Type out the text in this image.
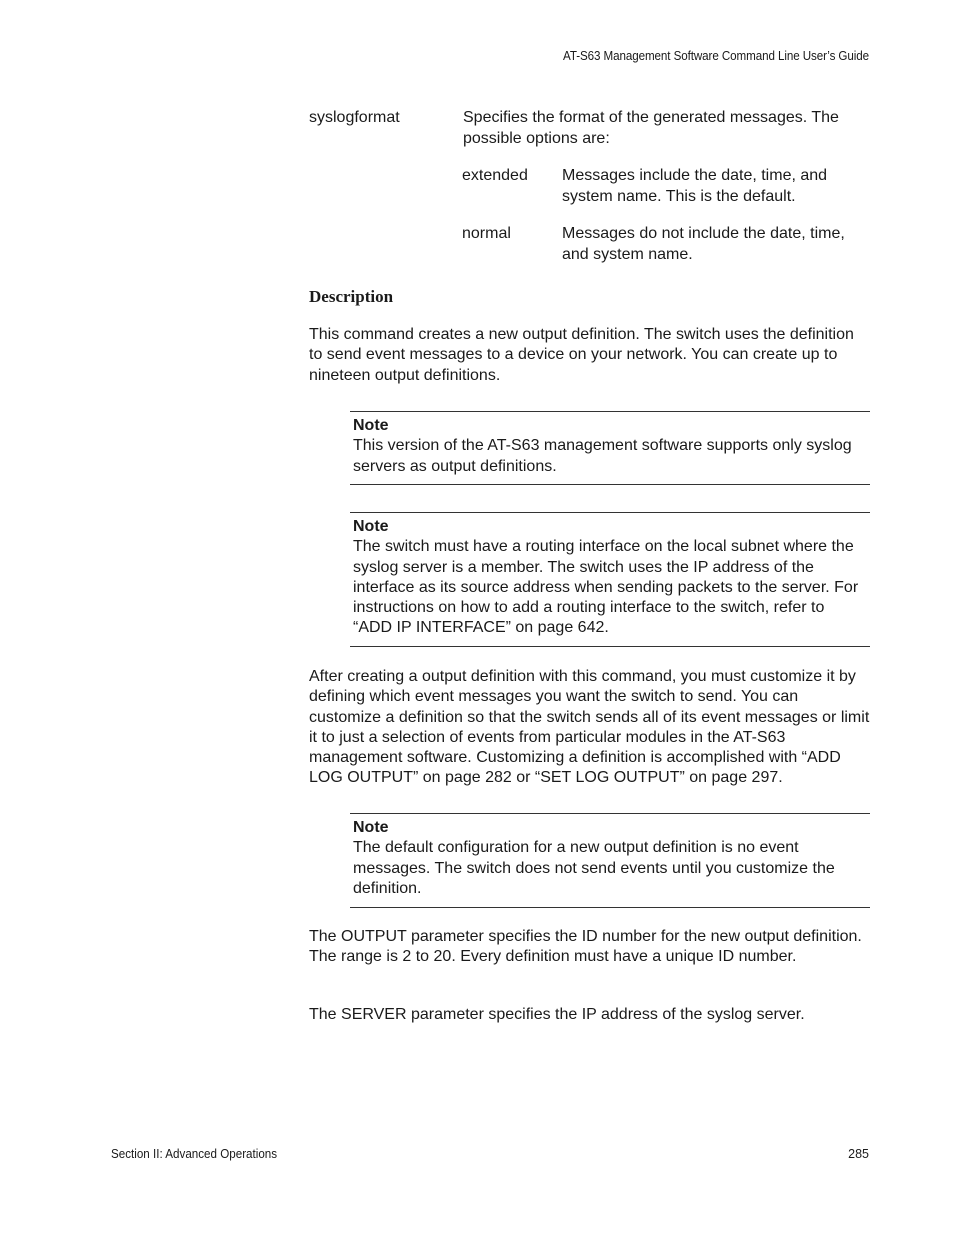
AT-S63 Management Software Command Line User’s Guide
syslogformat	Specifies the format of the generated messages. The possible options are:
extended Messages include the date, time, and system name. This is the default.
normal	Messages do not include the date, time, and system name.
Description
This command creates a new output definition. The switch uses the definition to send event messages to a device on your network. You can create up to nineteen output definitions.
Note
This version of the AT-S63 management software supports only syslog servers as output definitions.
Note
The switch must have a routing interface on the local subnet where the syslog server is a member. The switch uses the IP address of the interface as its source address when sending packets to the server. For instructions on how to add a routing interface to the switch, refer to “ADD IP INTERFACE” on page 642.
After creating a output definition with this command, you must customize it by defining which event messages you want the switch to send. You can customize a definition so that the switch sends all of its event messages or limit it to just a selection of events from particular modules in the AT-S63 management software. Customizing a definition is accomplished with “ADD LOG OUTPUT” on page 282 or “SET LOG OUTPUT” on page 297.
Note
The default configuration for a new output definition is no event messages. The switch does not send events until you customize the definition.
The OUTPUT parameter specifies the ID number for the new output definition. The range is 2 to 20. Every definition must have a unique ID number.
The SERVER parameter specifies the IP address of the syslog server.
Section II: Advanced Operations	285
